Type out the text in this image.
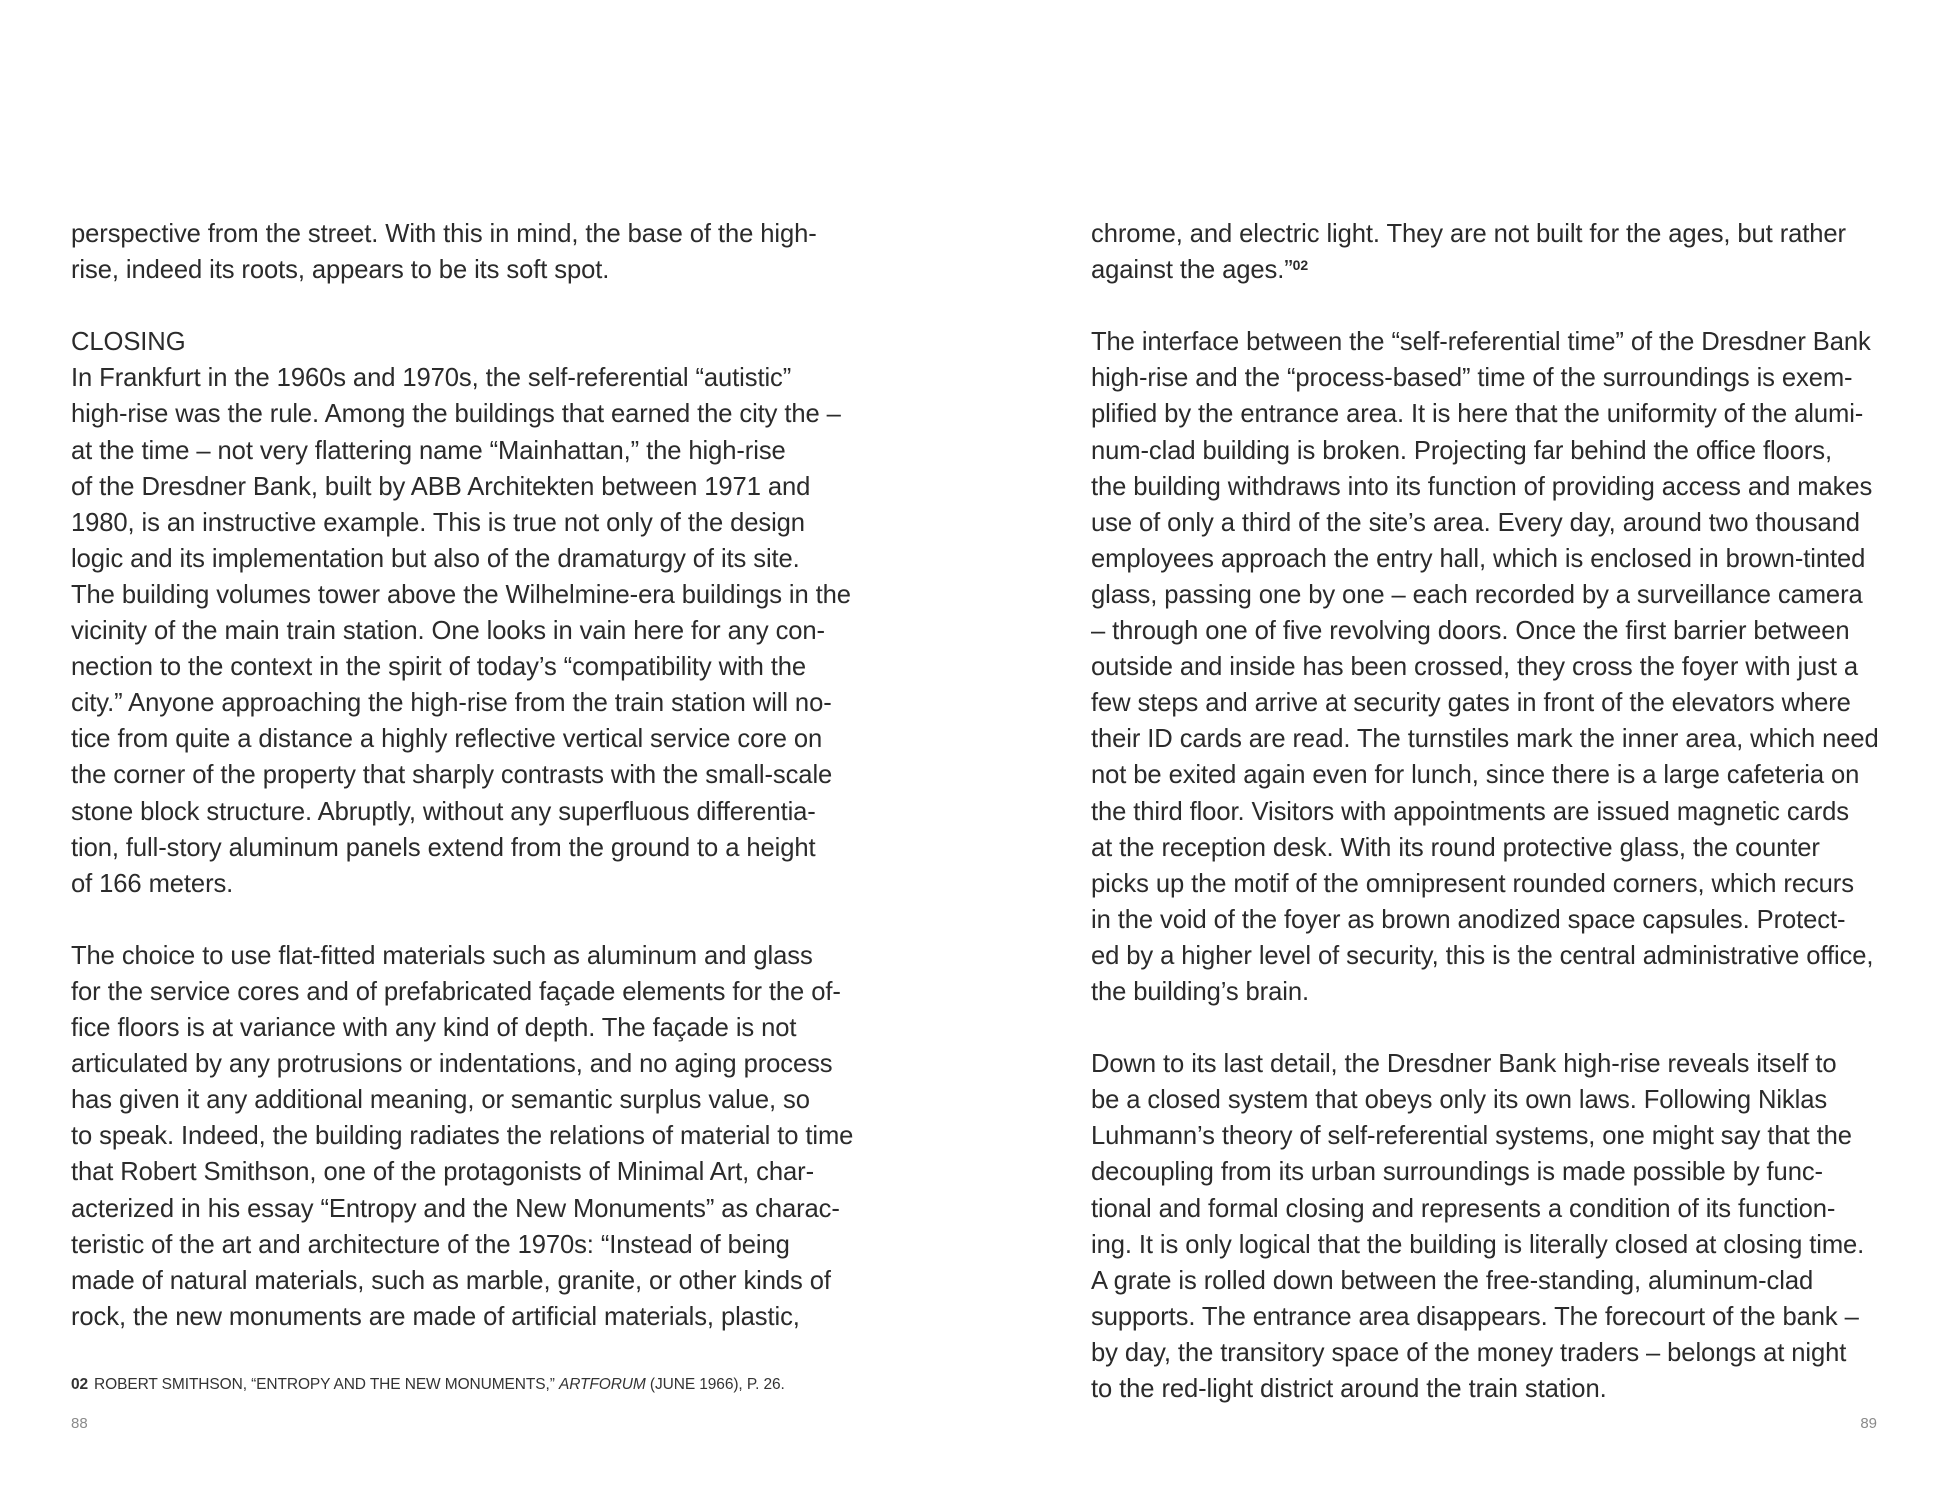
perspective from the street. With this in mind, the base of the high-
rise, indeed its roots, appears to be its soft spot.
CLOSING
In Frankfurt in the 1960s and 1970s, the self-referential “autistic”
high-rise was the rule. Among the buildings that earned the city the –
at the time – not very flattering name “Mainhattan,” the high-rise
of the Dresdner Bank, built by ABB Architekten between 1971 and
1980, is an instructive example. This is true not only of the design
logic and its implementation but also of the dramaturgy of its site.
The building volumes tower above the Wilhelmine-era buildings in the
vicinity of the main train station. One looks in vain here for any con-
nection to the context in the spirit of today’s “compatibility with the
city.” Anyone approaching the high-rise from the train station will no-
tice from quite a distance a highly reflective vertical service core on
the corner of the property that sharply contrasts with the small-scale
stone block structure. Abruptly, without any superfluous differentia-
tion, full-story aluminum panels extend from the ground to a height
of 166 meters.
The choice to use flat-fitted materials such as aluminum and glass
for the service cores and of prefabricated façade elements for the of-
fice floors is at variance with any kind of depth. The façade is not
articulated by any protrusions or indentations, and no aging process
has given it any additional meaning, or semantic surplus value, so
to speak. Indeed, the building radiates the relations of material to time
that Robert Smithson, one of the protagonists of Minimal Art, char-
acterized in his essay “Entropy and the New Monuments” as charac-
teristic of the art and architecture of the 1970s: “Instead of being
made of natural materials, such as marble, granite, or other kinds of
rock, the new monuments are made of artificial materials, plastic,
02 ROBERT SMITHSON, “ENTROPY AND THE NEW MONUMENTS,” ARTFORUM (JUNE 1966), P. 26.
88
chrome, and electric light. They are not built for the ages, but rather
against the ages.”$^{02}$
The interface between the “self-referential time” of the Dresdner Bank
high-rise and the “process-based” time of the surroundings is exem-
plified by the entrance area. It is here that the uniformity of the alumi-
num-clad building is broken. Projecting far behind the office floors,
the building withdraws into its function of providing access and makes
use of only a third of the site’s area. Every day, around two thousand
employees approach the entry hall, which is enclosed in brown-tinted
glass, passing one by one – each recorded by a surveillance camera
– through one of five revolving doors. Once the first barrier between
outside and inside has been crossed, they cross the foyer with just a
few steps and arrive at security gates in front of the elevators where
their ID cards are read. The turnstiles mark the inner area, which need
not be exited again even for lunch, since there is a large cafeteria on
the third floor. Visitors with appointments are issued magnetic cards
at the reception desk. With its round protective glass, the counter
picks up the motif of the omnipresent rounded corners, which recurs
in the void of the foyer as brown anodized space capsules. Protect-
ed by a higher level of security, this is the central administrative office,
the building’s brain.
Down to its last detail, the Dresdner Bank high-rise reveals itself to
be a closed system that obeys only its own laws. Following Niklas
Luhmann’s theory of self-referential systems, one might say that the
decoupling from its urban surroundings is made possible by func-
tional and formal closing and represents a condition of its function-
ing. It is only logical that the building is literally closed at closing time.
A grate is rolled down between the free-standing, aluminum-clad
supports. The entrance area disappears. The forecourt of the bank –
by day, the transitory space of the money traders – belongs at night
to the red-light district around the train station.
89
